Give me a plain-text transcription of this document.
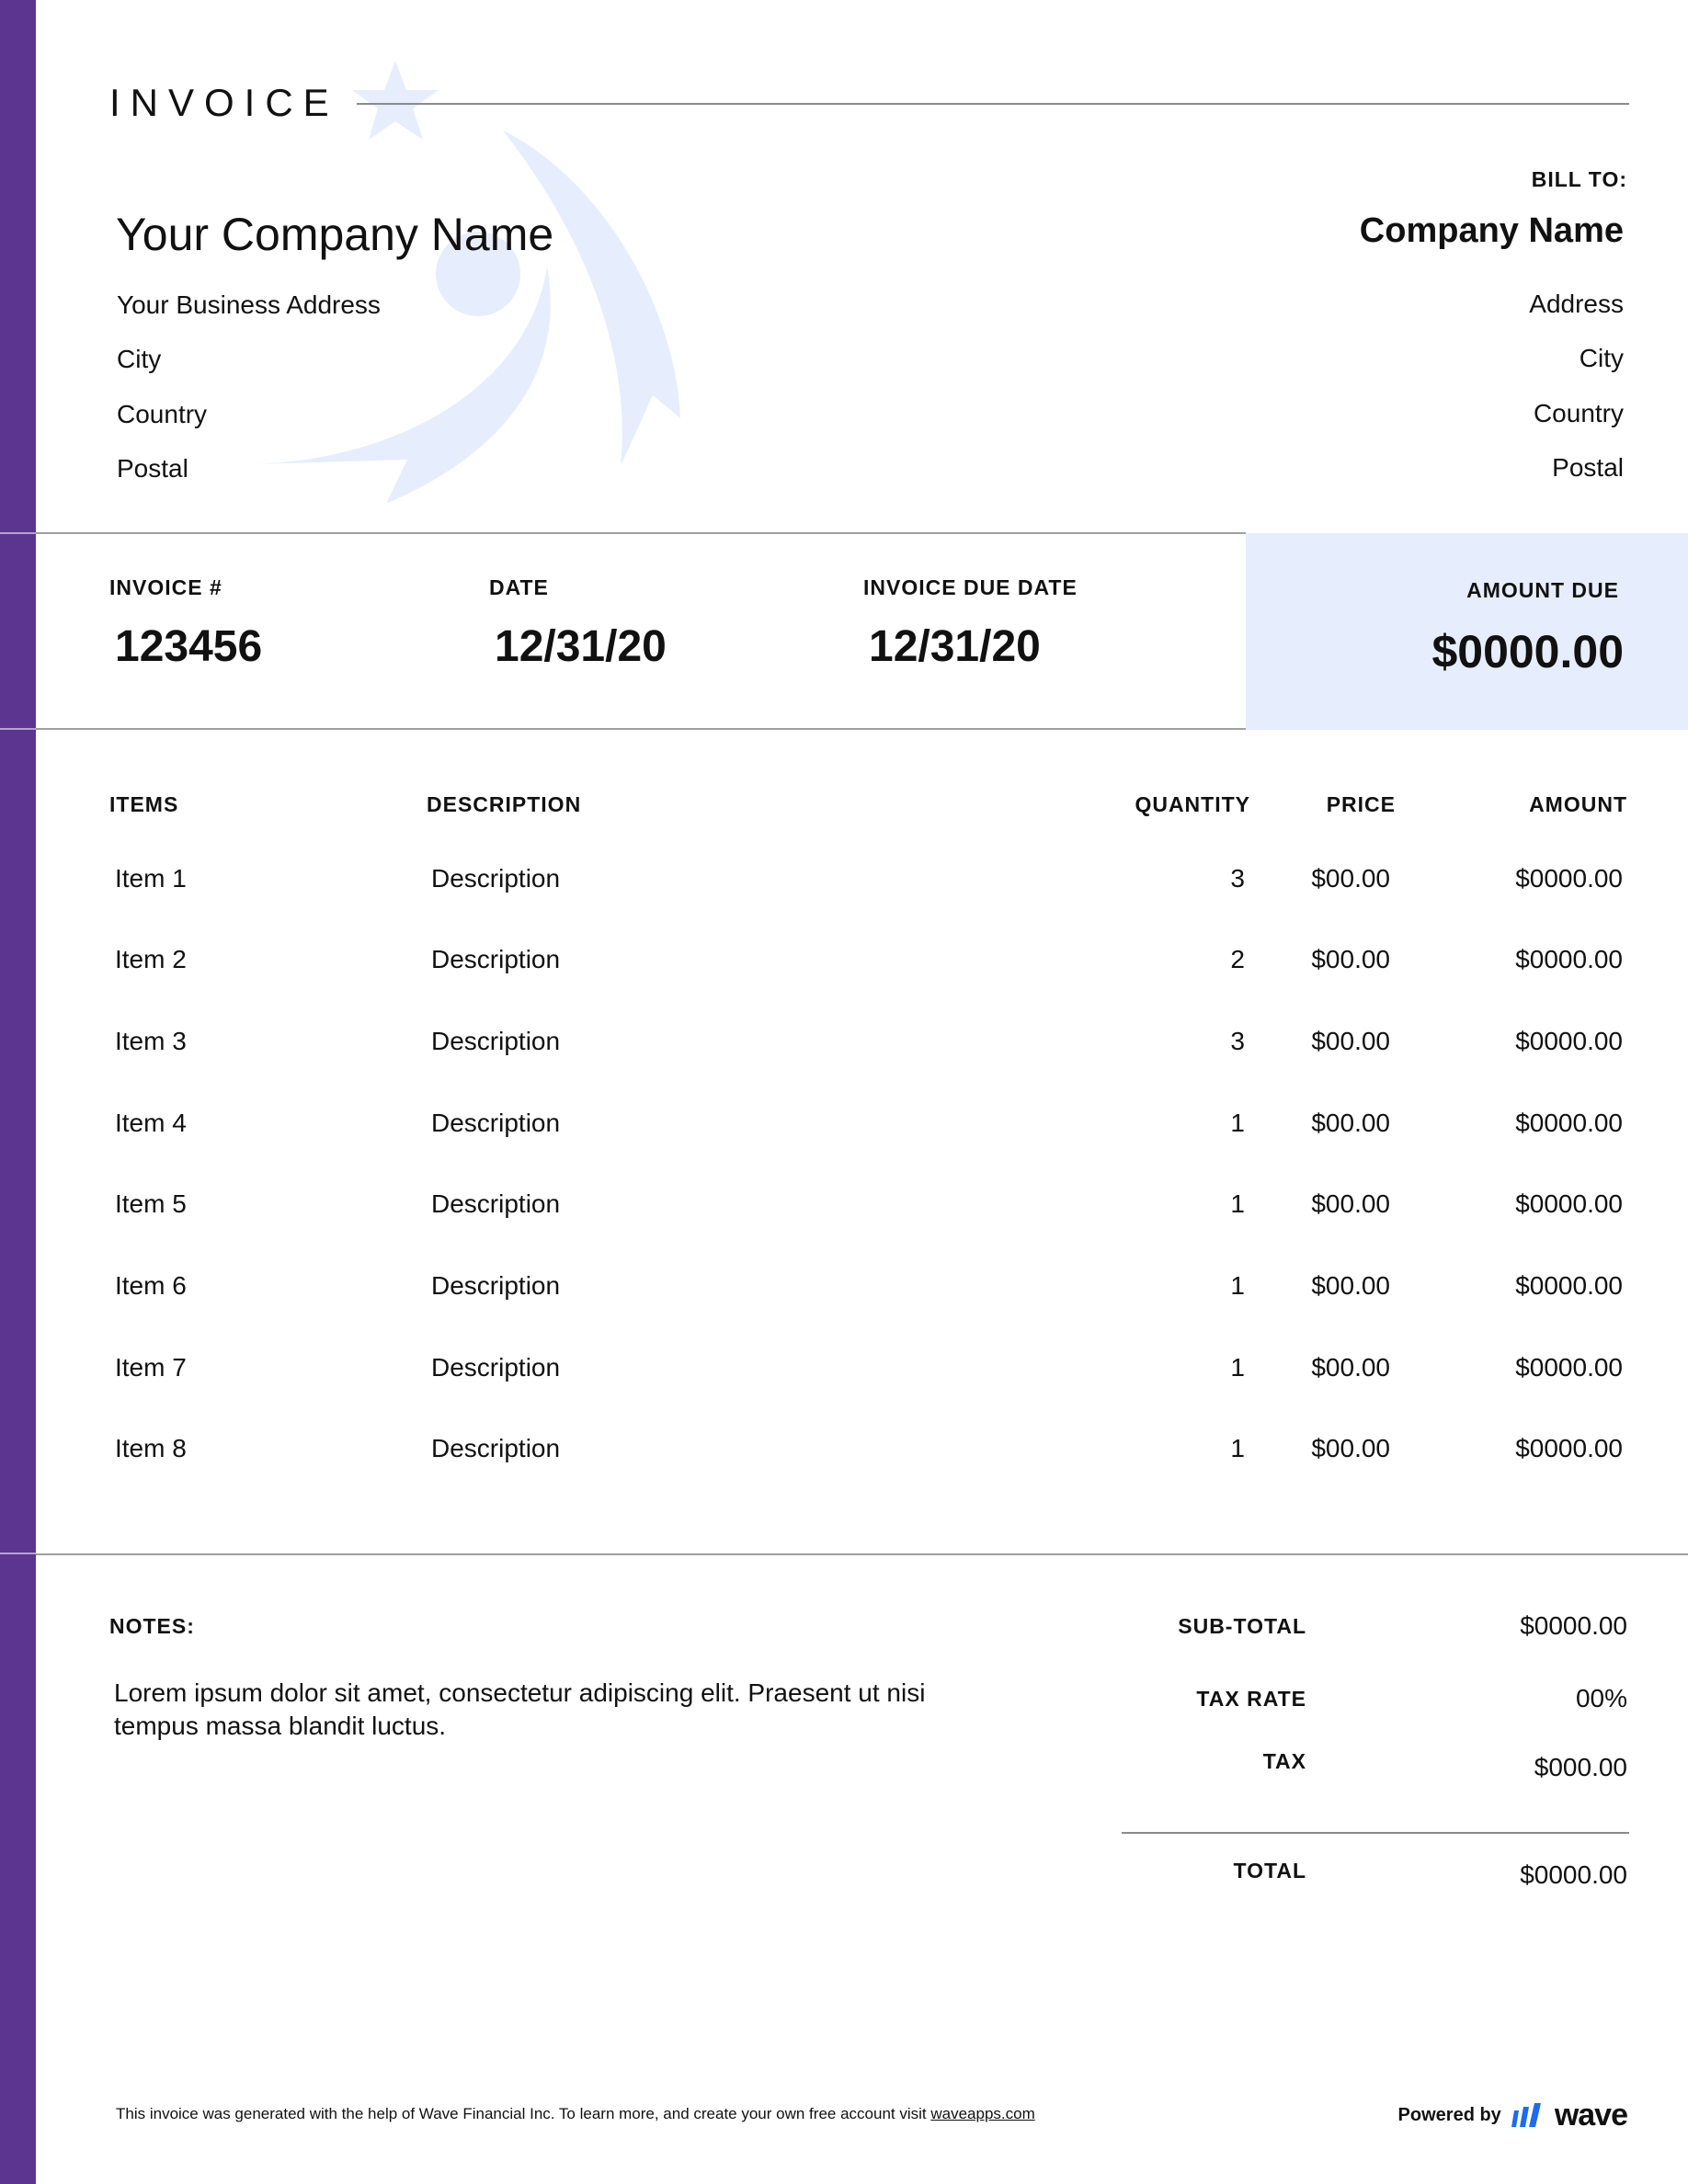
INVOICE
Your Company Name
Your Business Address
City
Country
Postal
BILL TO:
Company Name
Address
City
Country
Postal
INVOICE #
123456
DATE
12/31/20
INVOICE DUE DATE
12/31/20
AMOUNT DUE
$0000.00
ITEMS	DESCRIPTION	QUANTITY	PRICE	AMOUNT
Item 1	Description	3	$00.00	$0000.00
Item 2	Description	2	$00.00	$0000.00
Item 3	Description	3	$00.00	$0000.00
Item 4	Description	1	$00.00	$0000.00
Item 5	Description	1	$00.00	$0000.00
Item 6	Description	1	$00.00	$0000.00
Item 7	Description	1	$00.00	$0000.00
Item 8	Description	1	$00.00	$0000.00
NOTES:
Lorem ipsum dolor sit amet, consectetur adipiscing elit. Praesent ut nisi tempus massa blandit luctus.
SUB-TOTAL	$0000.00
TAX RATE	00%
TAX	$000.00
TOTAL	$0000.00
This invoice was generated with the help of Wave Financial Inc. To learn more, and create your own free account visit waveapps.com	Powered by wave
